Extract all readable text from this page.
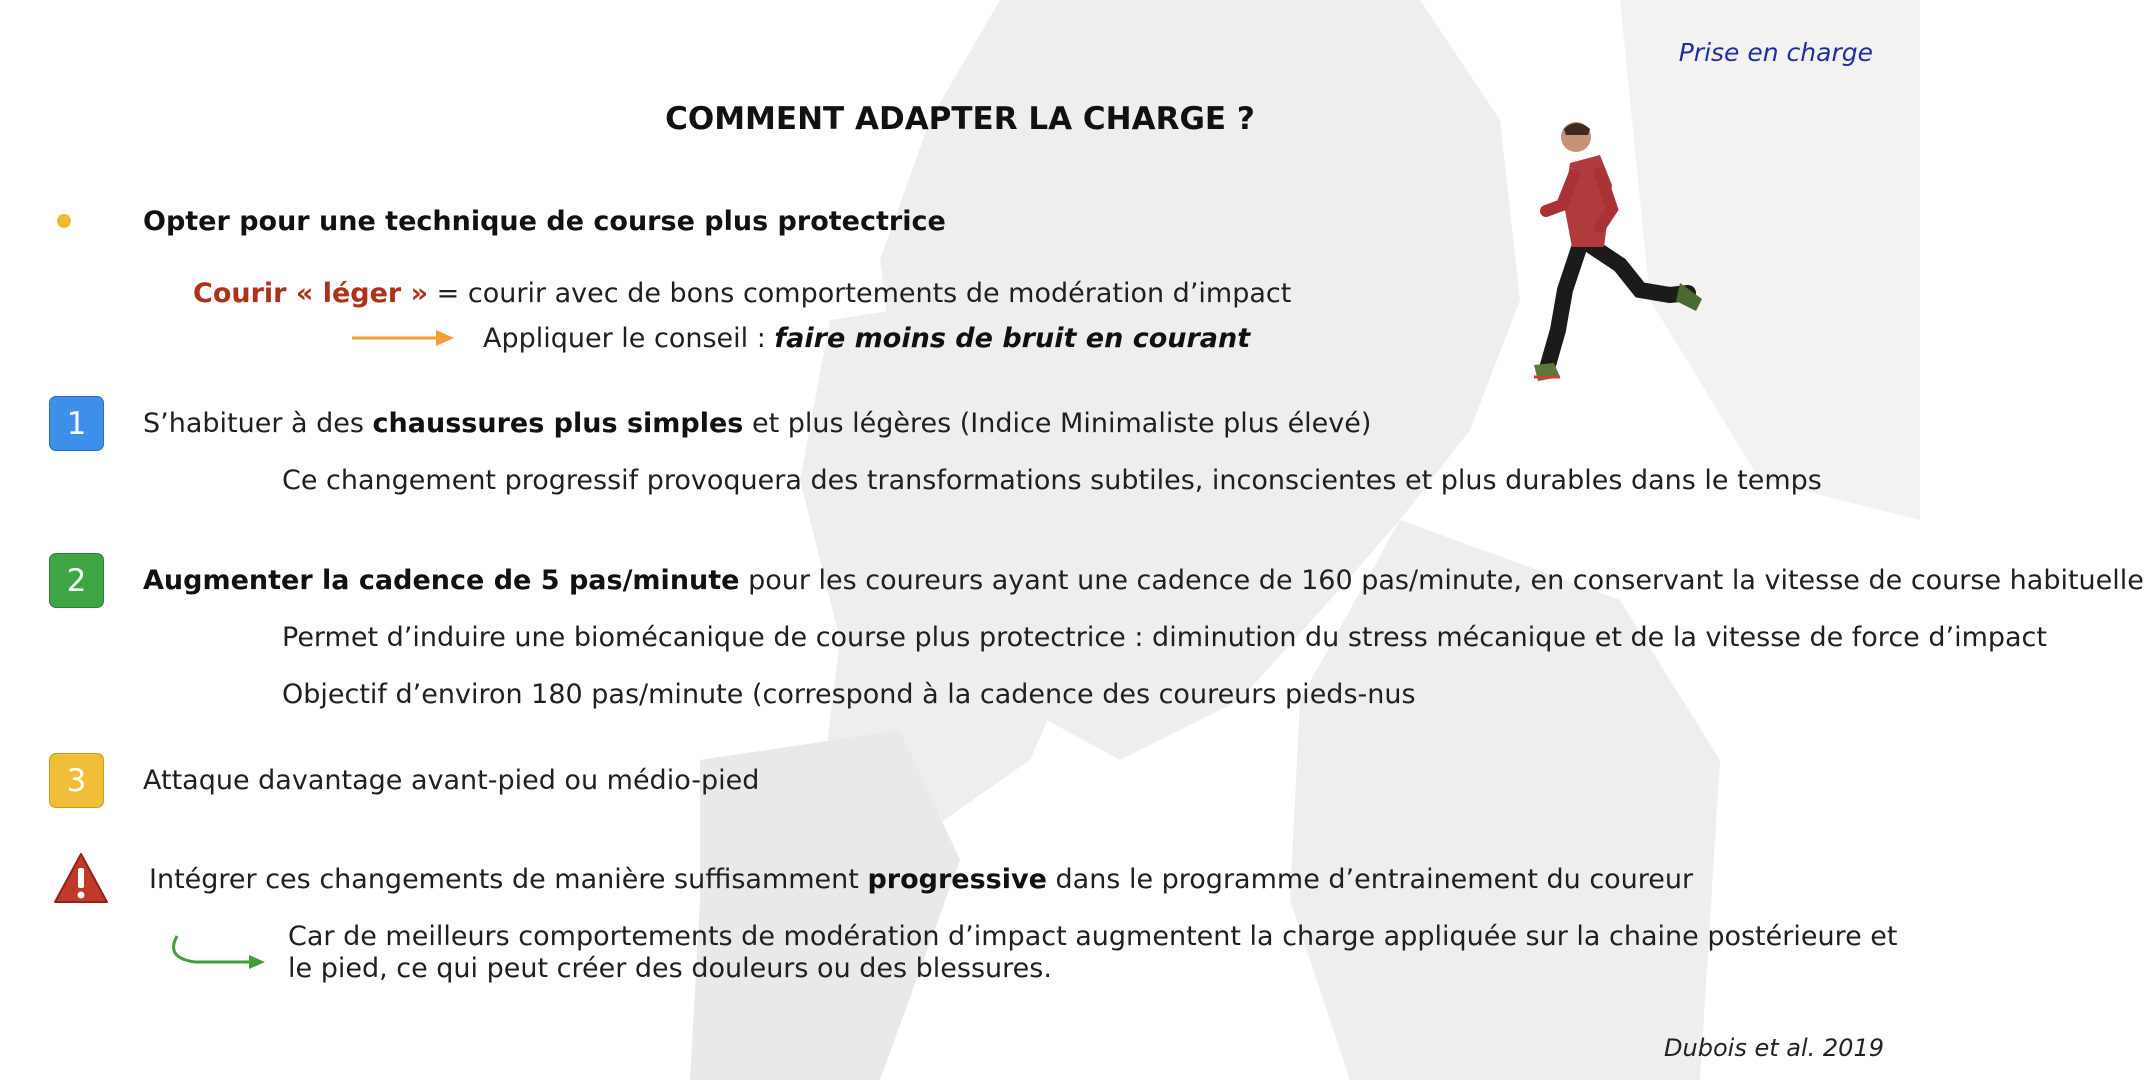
Prise en charge
COMMENT ADAPTER LA CHARGE ?
Opter pour une technique de course plus protectrice
Courir « léger » = courir avec de bons comportements de modération d’impact
Appliquer le conseil : faire moins de bruit en courant
1	S’habituer à des chaussures plus simples et plus légères (Indice Minimaliste plus élevé)
Ce changement progressif provoquera des transformations subtiles, inconscientes et plus durables dans le temps
2	Augmenter la cadence de 5 pas/minute pour les coureurs ayant une cadence de 160 pas/minute, en conservant la vitesse de course habituelle
Permet d’induire une biomécanique de course plus protectrice : diminution du stress mécanique et de la vitesse de force d’impact
Objectif d’environ 180 pas/minute (correspond à la cadence des coureurs pieds-nus
3	Attaque davantage avant-pied ou médio-pied
Intégrer ces changements de manière suffisamment progressive dans le programme d’entrainement du coureur
Car de meilleurs comportements de modération d’impact augmentent la charge appliquée sur la chaine postérieure et le pied, ce qui peut créer des douleurs ou des blessures.
Dubois et al. 2019
